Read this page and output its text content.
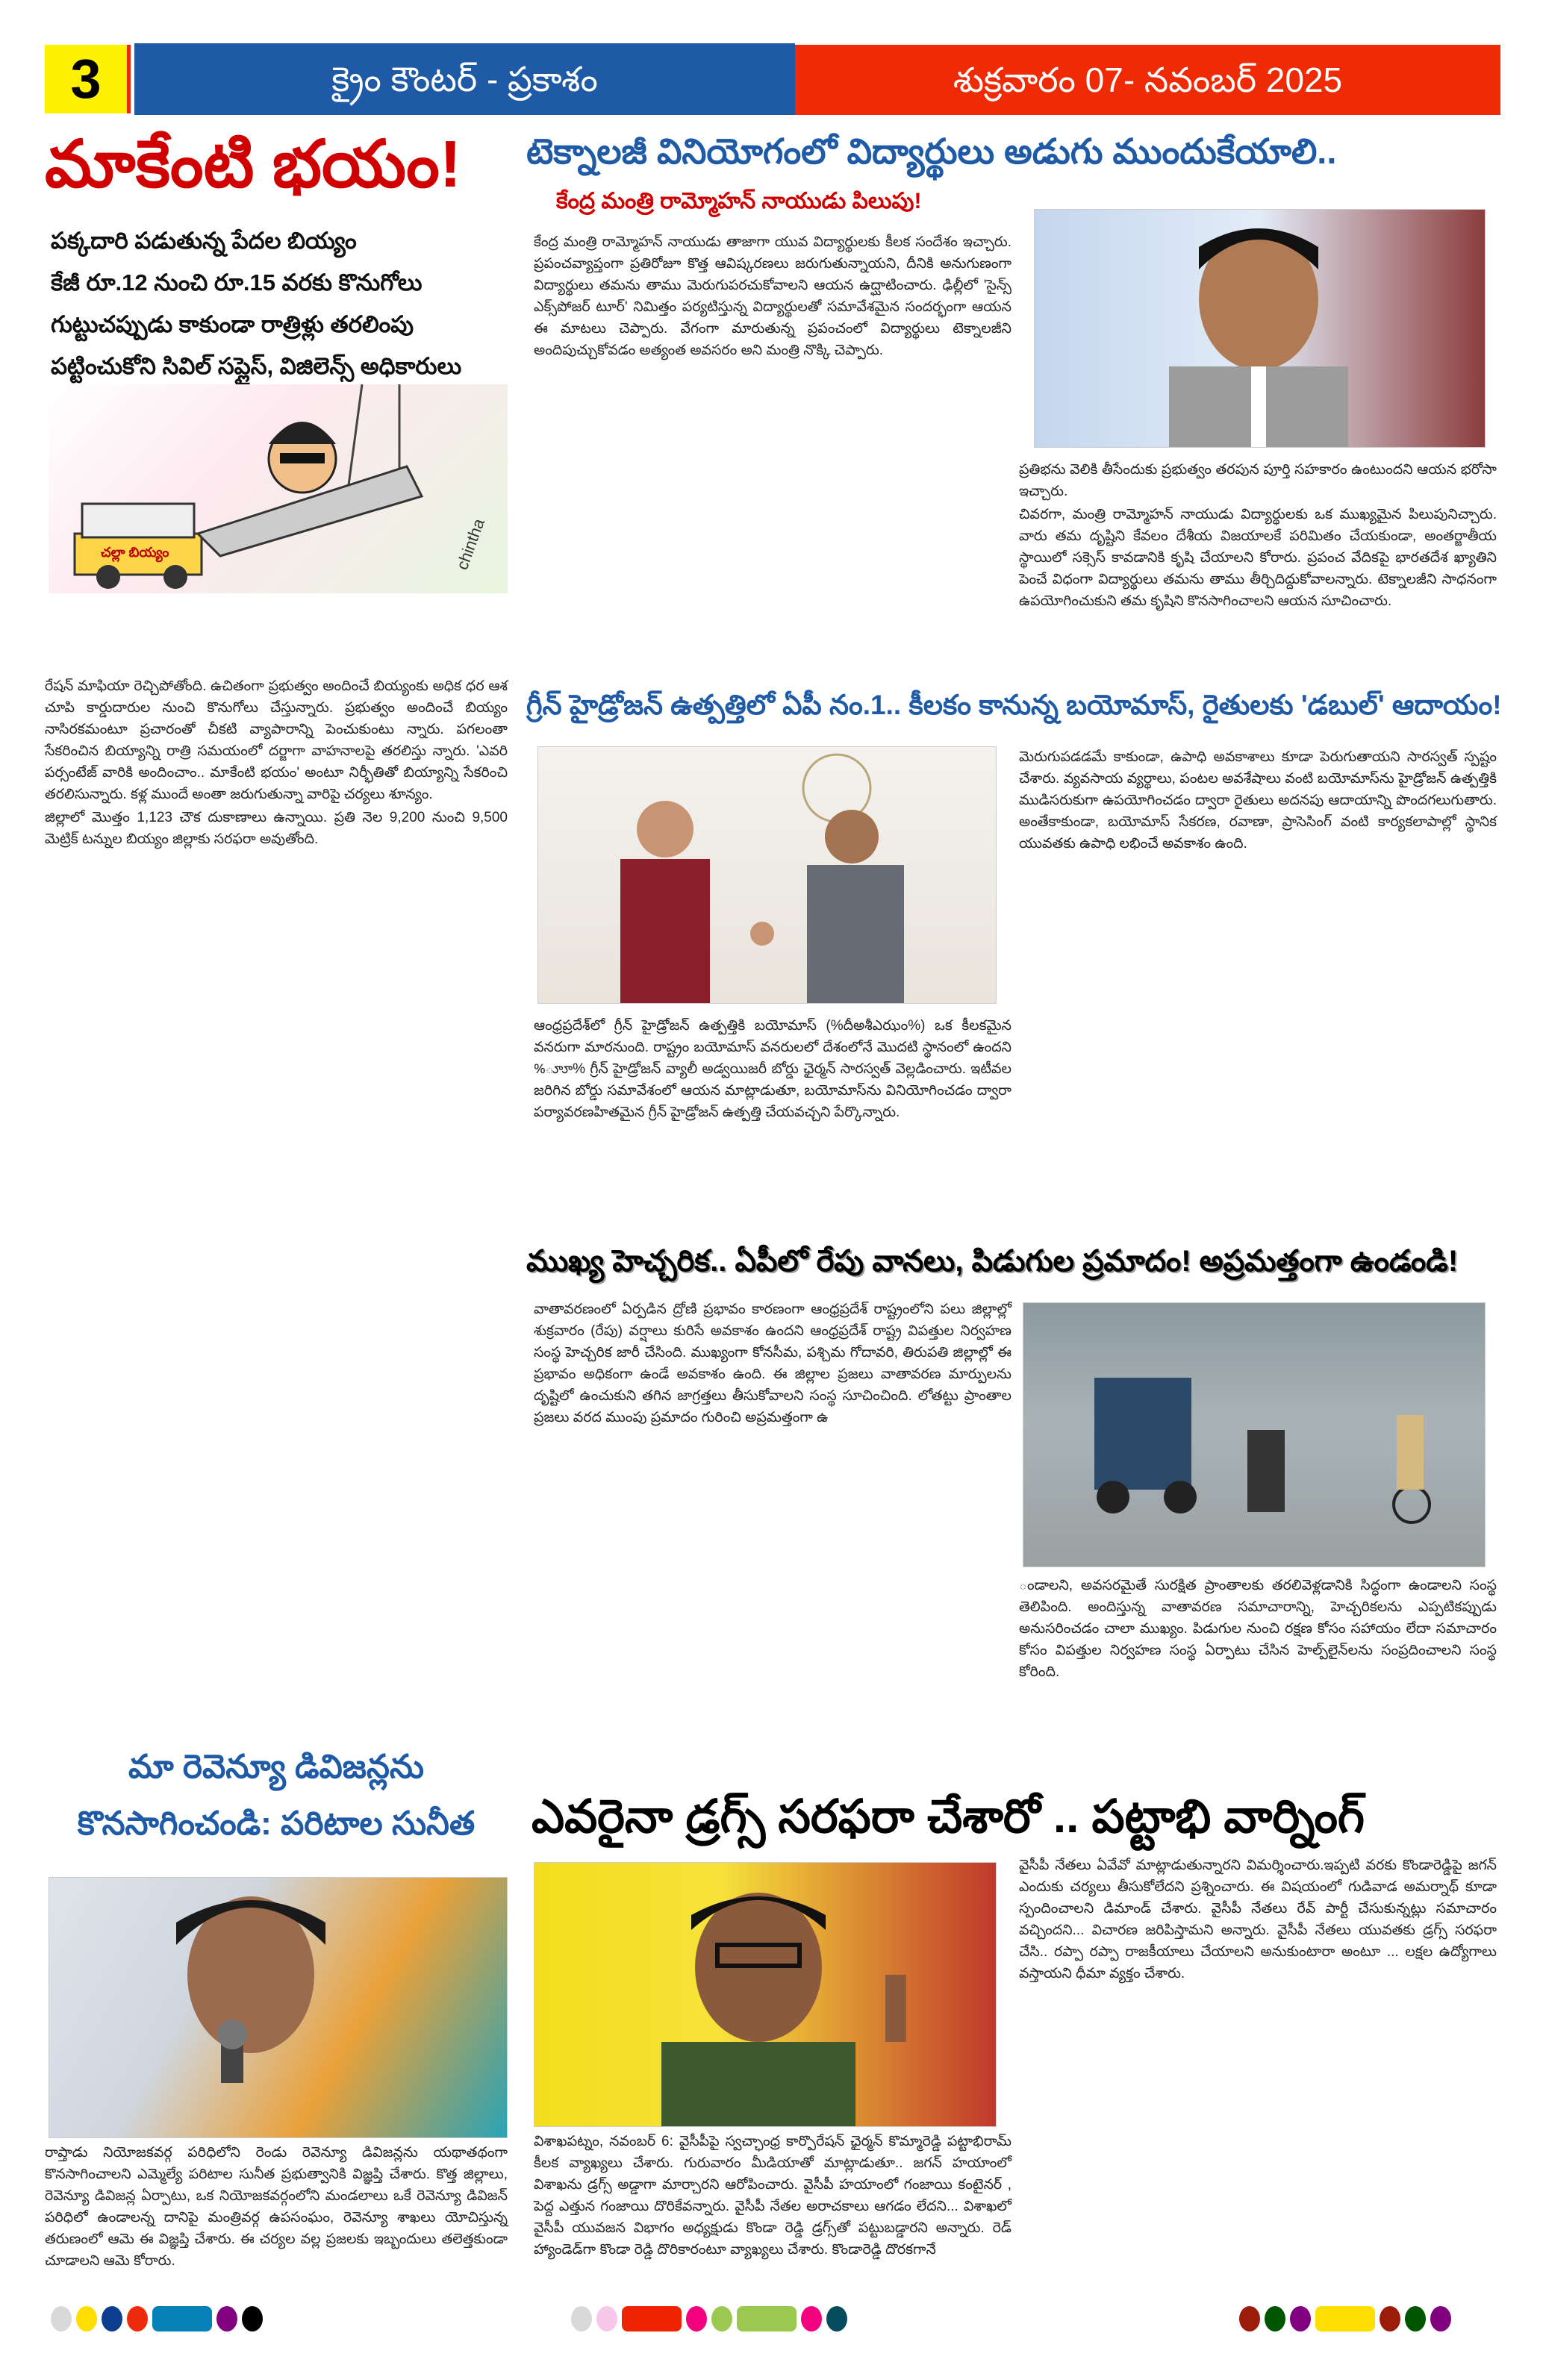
3	క్రైం కౌంటర్ - ప్రకాశం	శుక్రవారం 07- నవంబర్ 2025
మాకేంటి భయం!
పక్కదారి పడుతున్న పేదల బియ్యం
కేజీ రూ.12 నుంచి రూ.15 వరకు కొనుగోలు
గుట్టుచప్పుడు కాకుండా రాత్రిళ్లు తరలింపు
పట్టించుకోని సివిల్ సప్లైస్, విజిలెన్స్ అధికారులు
chintha
చల్లా బియ్యం

రేషన్ మాఫియా రెచ్చిపోతోంది. ఉచితంగా ప్రభుత్వం అందించే బియ్యంకు అధిక ధర ఆశ చూపి కార్డుదారుల నుంచి కొనుగోలు చేస్తున్నారు. ప్రభుత్వం అందించే బియ్యం నాసిరకమంటూ ప్రచారంతో చీకటి వ్యాపారాన్ని పెంచుకుంటు న్నారు. పగలంతా సేకరించిన బియ్యాన్ని రాత్రి సమయంలో దర్జాగా వాహనాలపై తరలిస్తు న్నారు. 'ఎవరి పర్సంటేజ్ వారికి అందించాం.. మాకేంటి భయం' అంటూ నిర్భీతితో బియ్యాన్ని సేకరించి తరలిసున్నారు. కళ్ల ముందే అంతా జరుగుతున్నా వారిపై చర్యలు శూన్యం.

జిల్లాలో మొత్తం 1,123 చౌక దుకాణాలు ఉన్నాయి. ప్రతి నెల 9,200 నుంచి 9,500 మెట్రిక్ టన్నుల బియ్యం జిల్లాకు సరఫరా అవుతోంది.

మా రెవెన్యూ డివిజన్లను
కొనసాగించండి: పరిటాల సునీత
రాప్తాడు నియోజకవర్గ పరిధిలోని రెండు రెవెన్యూ డివిజన్లను యథాతథంగా కొనసాగించాలని ఎమ్మెల్యే పరిటాల సునీత ప్రభుత్వానికి విజ్ఞప్తి చేశారు. కొత్త జిల్లాలు, రెవెన్యూ డివిజన్ల ఏర్పాటు, ఒక నియోజకవర్గంలోని మండలాలు ఒకే రెవెన్యూ డివిజన్ పరిధిలో ఉండాలన్న దానిపై మంత్రివర్గ ఉపసంఘం, రెవెన్యూ శాఖలు యోచిస్తున్న తరుణంలో ఆమె ఈ విజ్ఞప్తి చేశారు. ఈ చర్యల వల్ల ప్రజలకు ఇబ్బందులు తలెత్తకుండా చూడాలని ఆమె కోరారు.
టెక్నాలజీ వినియోగంలో విద్యార్థులు అడుగు ముందుకేయాలి..
కేంద్ర మంత్రి రామ్మోహన్ నాయుడు పిలుపు!
కేంద్ర మంత్రి రామ్మోహన్ నాయుడు తాజాగా యువ విద్యార్థులకు కీలక సందేశం ఇచ్చారు. ప్రపంచవ్యాప్తంగా ప్రతిరోజూ కొత్త ఆవిష్కరణలు జరుగుతున్నాయని, దీనికి అనుగుణంగా విద్యార్థులు తమను తాము మెరుగుపరచుకోవాలని ఆయన ఉద్ఘాటించారు. ఢిల్లీలో 'సైన్స్ ఎక్స్‌పోజర్ టూర్' నిమిత్తం పర్యటిస్తున్న విద్యార్థులతో సమావేశమైన సందర్భంగా ఆయన ఈ మాటలు చెప్పారు. వేగంగా మారుతున్న ప్రపంచంలో విద్యార్థులు టెక్నాలజీని అందిపుచ్చుకోవడం అత్యంత అవసరం అని మంత్రి నొక్కి చెప్పారు.

ప్రతిభను వెలికి తీసేందుకు ప్రభుత్వం తరపున పూర్తి సహకారం ఉంటుందని ఆయన భరోసా ఇచ్చారు.

చివరగా, మంత్రి రామ్మోహన్ నాయుడు విద్యార్థులకు ఒక ముఖ్యమైన పిలుపునిచ్చారు. వారు తమ దృష్టిని కేవలం దేశీయ విజయాలకే పరిమితం చేయకుండా, అంతర్జాతీయ స్థాయిలో సక్సెస్ కావడానికి కృషి చేయాలని కోరారు. ప్రపంచ వేదికపై భారతదేశ ఖ్యాతిని పెంచే విధంగా విద్యార్థులు తమను తాము తీర్చిదిద్దుకోవాలన్నారు. టెక్నాలజీని సాధనంగా ఉపయోగించుకుని తమ కృషిని కొనసాగించాలని ఆయన సూచించారు.

గ్రీన్ హైడ్రోజన్ ఉత్పత్తిలో ఏపీ నం.1.. కీలకం కానున్న బయోమాస్, రైతులకు 'డబుల్' ఆదాయం!
ఆంధ్రప్రదేశ్‌లో గ్రీన్ హైడ్రోజన్ ఉత్పత్తికి బయోమాస్ (%దీఅశీఎఝం%) ఒక కీలకమైన వనరుగా మారనుంది. రాష్ట్రం బయోమాస్ వనరులలో దేశంలోనే మొదటి స్థానంలో ఉందని %ూూ% గ్రీన్ హైడ్రోజన్ వ్యాలీ అడ్వయిజరీ బోర్డు ఛైర్మన్ సారస్వత్ వెల్లడించారు. ఇటీవల జరిగిన బోర్డు సమావేశంలో ఆయన మాట్లాడుతూ, బయోమాస్‌ను వినియోగించడం ద్వారా పర్యావరణహితమైన గ్రీన్ హైడ్రోజన్ ఉత్పత్తి చేయవచ్చని పేర్కొన్నారు.
మెరుగుపడడమే కాకుండా, ఉపాధి అవకాశాలు కూడా పెరుగుతాయని సారస్వత్ స్పష్టం చేశారు. వ్యవసాయ వ్యర్థాలు, పంటల అవశేషాలు వంటి బయోమాస్‌ను హైడ్రోజన్ ఉత్పత్తికి ముడిసరుకుగా ఉపయోగించడం ద్వారా రైతులు అదనపు ఆదాయాన్ని పొందగలుగుతారు. అంతేకాకుండా, బయోమాస్ సేకరణ, రవాణా, ప్రాసెసింగ్ వంటి కార్యకలాపాల్లో స్థానిక యువతకు ఉపాధి లభించే అవకాశం ఉంది.
ముఖ్య హెచ్చరిక.. ఏపీలో రేపు వానలు, పిడుగుల ప్రమాదం! అప్రమత్తంగా ఉండండి!
వాతావరణంలో ఏర్పడిన ద్రోణి ప్రభావం కారణంగా ఆంధ్రప్రదేశ్ రాష్ట్రంలోని పలు జిల్లాల్లో శుక్రవారం (రేపు) వర్షాలు కురిసే అవకాశం ఉందని ఆంధ్రప్రదేశ్ రాష్ట్ర విపత్తుల నిర్వహణ సంస్థ హెచ్చరిక జారీ చేసింది. ముఖ్యంగా కోనసీమ, పశ్చిమ గోదావరి, తిరుపతి జిల్లాల్లో ఈ ప్రభావం అధికంగా ఉండే అవకాశం ఉంది. ఈ జిల్లాల ప్రజలు వాతావరణ మార్పులను దృష్టిలో ఉంచుకుని తగిన జాగ్రత్తలు తీసుకోవాలని సంస్థ సూచించింది. లోతట్టు ప్రాంతాల ప్రజలు వరద ముంపు ప్రమాదం గురించి అప్రమత్తంగా ఉ
ండాలని, అవసరమైతే సురక్షిత ప్రాంతాలకు తరలివెళ్లడానికి సిద్ధంగా ఉండాలని సంస్థ తెలిపింది. అందిస్తున్న వాతావరణ సమాచారాన్ని, హెచ్చరికలను ఎప్పటికప్పుడు అనుసరించడం చాలా ముఖ్యం. పిడుగుల నుంచి రక్షణ కోసం సహాయం లేదా సమాచారం కోసం విపత్తుల నిర్వహణ సంస్థ ఏర్పాటు చేసిన హెల్ప్‌లైన్‌లను సంప్రదించాలని సంస్థ కోరింది.
ఎవరైనా డ్రగ్స్ సరఫరా చేశారో .. పట్టాభి వార్నింగ్
విశాఖపట్నం, నవంబర్ 6: వైసీపీపై స్వచ్ఛాంధ్ర కార్పొరేషన్ ఛైర్మన్ కొమ్మారెడ్డి పట్టాభిరామ్ కీలక వ్యాఖ్యలు చేశారు. గురువారం మీడియాతో మాట్లాడుతూ.. జగన్ హయాంలో విశాఖను డ్రగ్స్ అడ్డాగా మార్చారని ఆరోపించారు. వైసీపీ హయాంలో గంజాయి కంటైనర్ , పెద్ద ఎత్తున గంజాయి దొరికేవన్నారు. వైసీపీ నేతల అరాచకాలు ఆగడం లేదని... విశాఖలో వైసీపీ యువజన విభాగం అధ్యక్షుడు కొండా రెడ్డి డ్రగ్స్‌తో పట్టుబడ్డారని అన్నారు. రెడ్ హ్యాండెడ్‌గా కొండా రెడ్డి దొరికారంటూ వ్యాఖ్యలు చేశారు. కొండారెడ్డి దొరకగానే
వైసీపీ నేతలు ఏవేవో మాట్లాడుతున్నారని విమర్శించారు.ఇప్పటి వరకు కొండారెడ్డిపై జగన్ ఎందుకు చర్యలు తీసుకోలేదని ప్రశ్నించారు. ఈ విషయంలో గుడివాడ అమర్నాథ్ కూడా స్పందించాలని డిమాండ్ చేశారు. వైసీపీ నేతలు రేవ్ పార్టీ చేసుకున్నట్లు సమాచారం వచ్చిందని... విచారణ జరిపిస్తామని అన్నారు. వైసీపీ నేతలు యువతకు డ్రగ్స్ సరఫరా చేసి.. రప్పా రప్పా రాజకీయాలు చేయాలని అనుకుంటారా అంటూ ... లక్షల ఉద్యోగాలు వస్తాయని ధీమా వ్యక్తం చేశారు.
